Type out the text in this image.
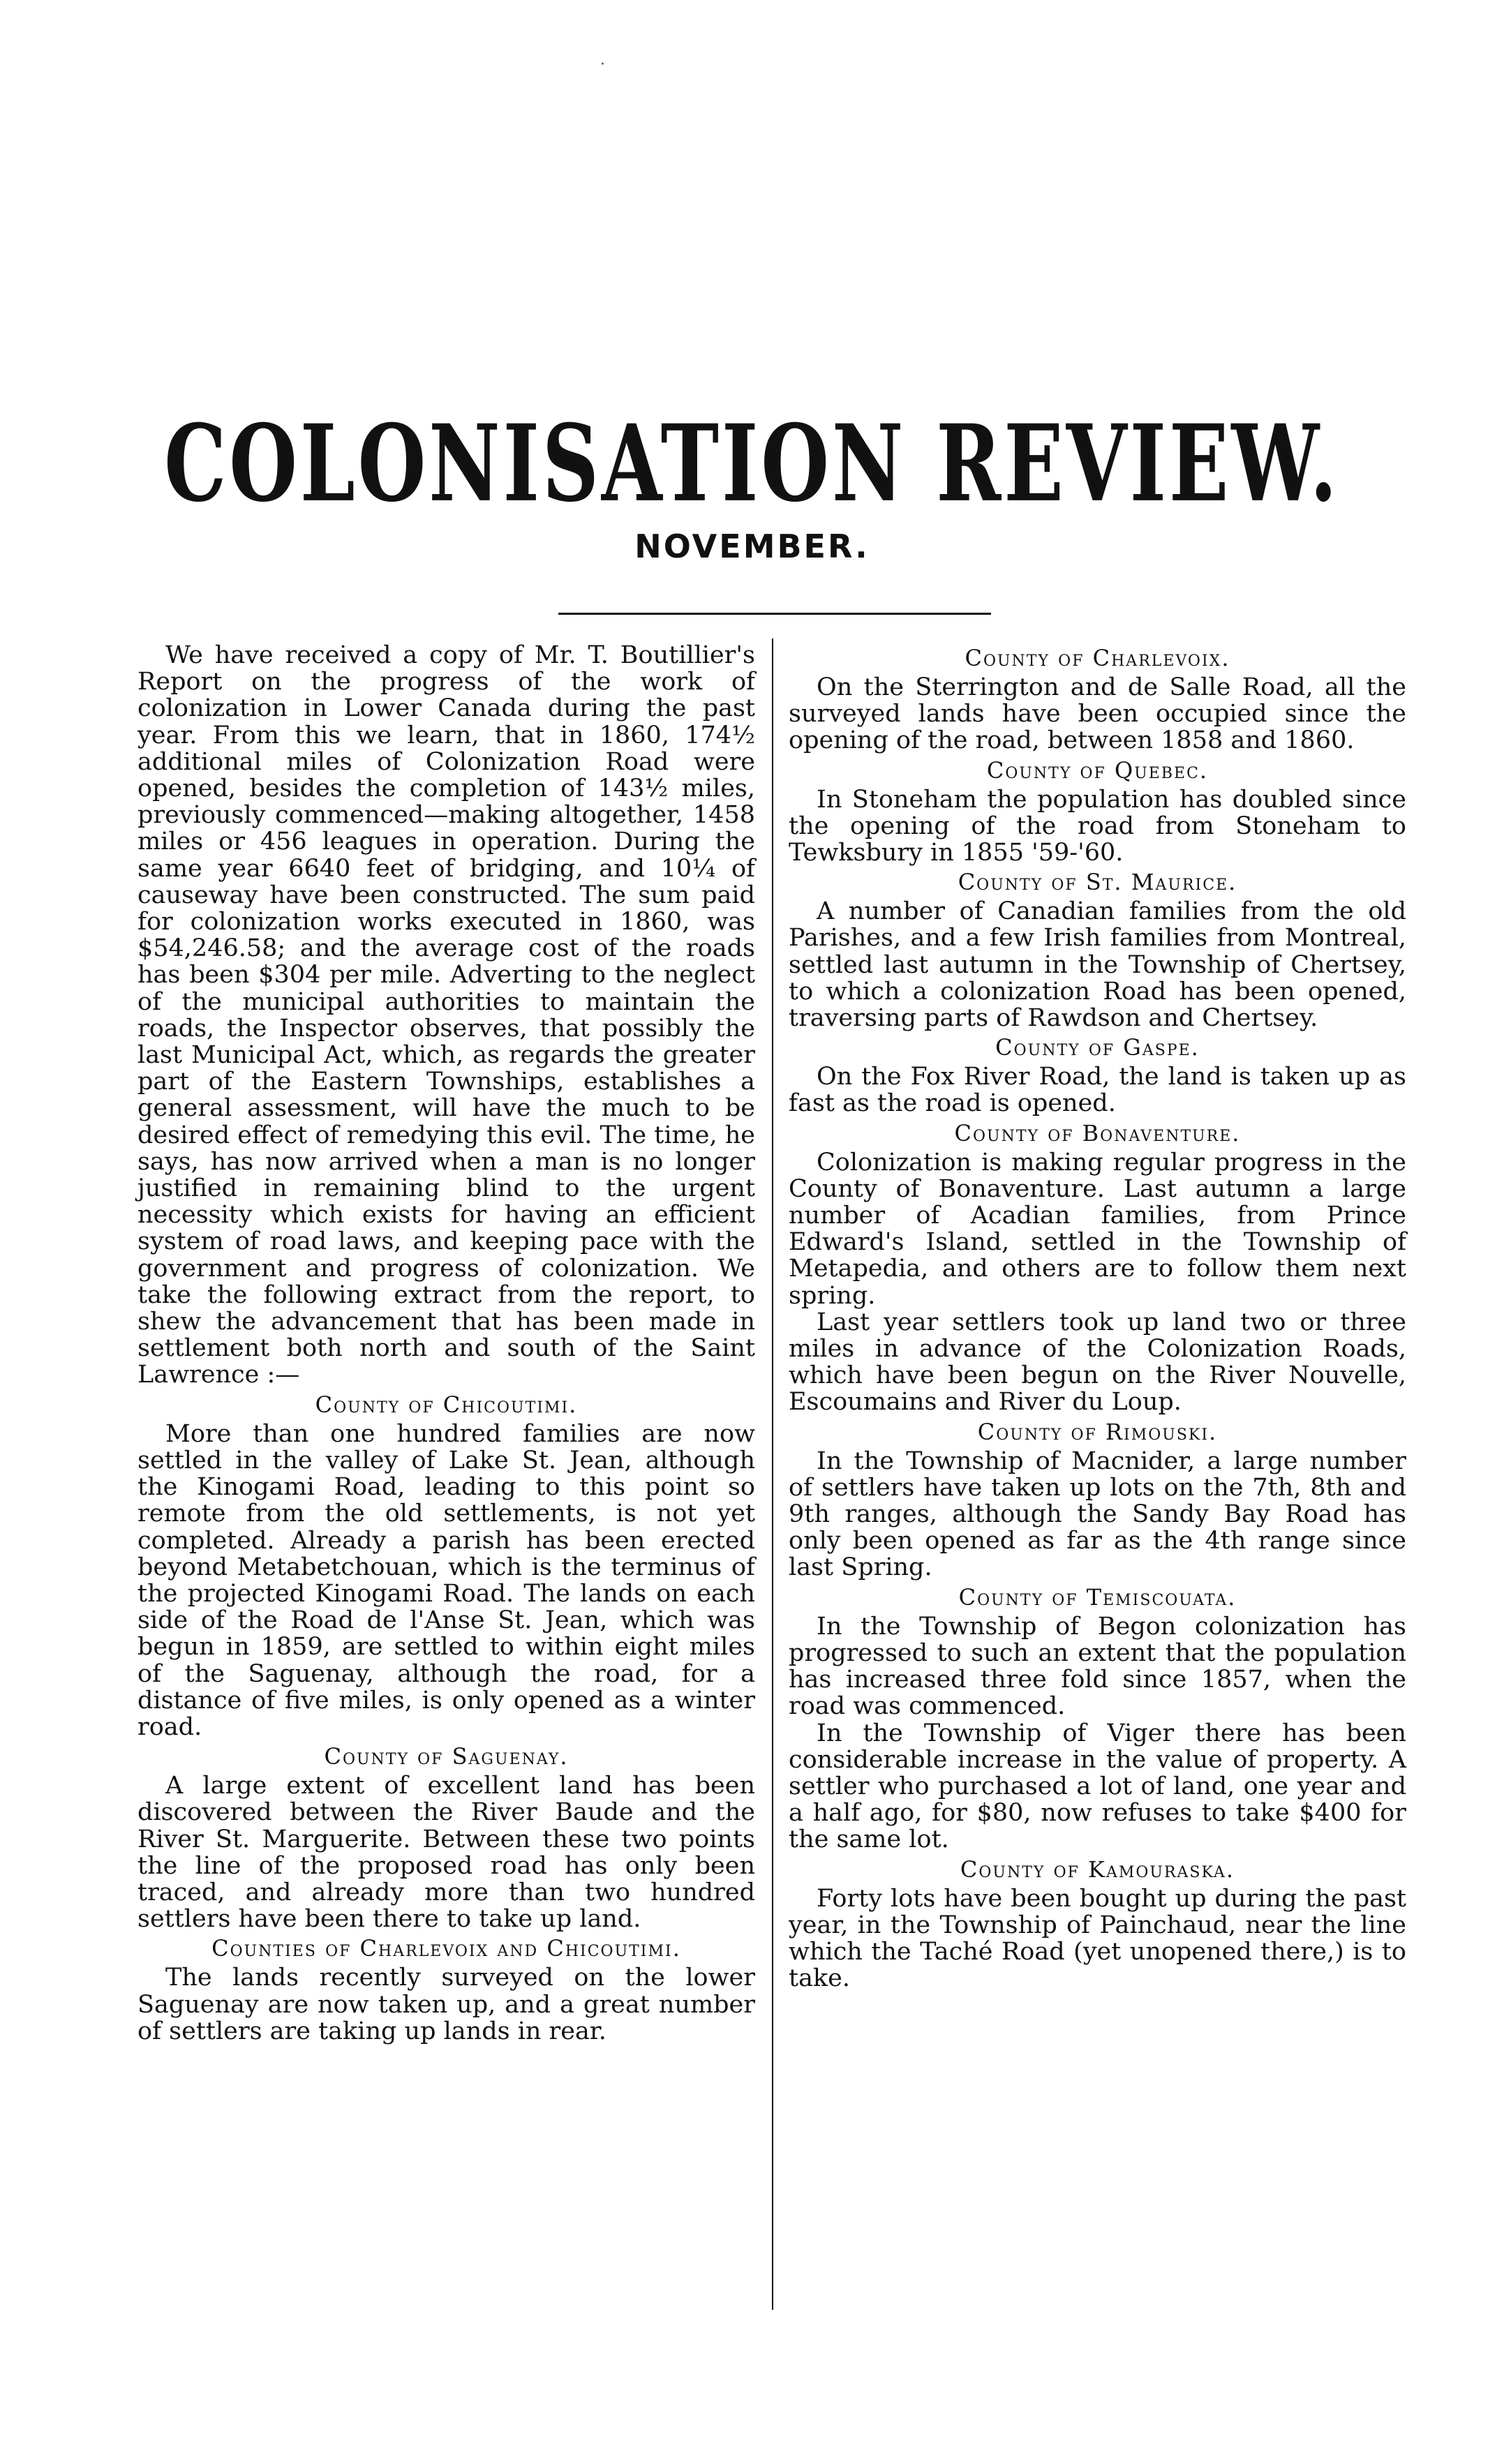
COLONISATION REVIEW.
NOVEMBER.

We have received a copy of Mr. T. Boutillier's Report on the progress of the work of colonization in Lower Canada during the past year. From this we learn, that in 1860, 174½ additional miles of Colonization Road were opened, besides the completion of 143½ miles, previously commenced—making altogether, 1458 miles or 456 leagues in operation. During the same year 6640 feet of bridging, and 10¼ of causeway have been constructed. The sum paid for colonization works executed in 1860, was $54,246.58; and the average cost of the roads has been $304 per mile. Adverting to the neglect of the municipal authorities to maintain the roads, the Inspector observes, that possibly the last Municipal Act, which, as regards the greater part of the Eastern Townships, establishes a general assessment, will have the much to be desired effect of remedying this evil. The time, he says, has now arrived when a man is no longer justified in remaining blind to the urgent necessity which exists for having an efficient system of road laws, and keeping pace with the government and progress of colonization. We take the following extract from the report, to shew the advancement that has been made in settlement both north and south of the Saint Lawrence :—

County of Chicoutimi.

More than one hundred families are now settled in the valley of Lake St. Jean, although the Kinogami Road, leading to this point so remote from the old settlements, is not yet completed. Already a parish has been erected beyond Metabetchouan, which is the terminus of the projected Kinogami Road. The lands on each side of the Road de l'Anse St. Jean, which was begun in 1859, are settled to within eight miles of the Saguenay, although the road, for a distance of five miles, is only opened as a winter road.

County of Saguenay.

A large extent of excellent land has been discovered between the River Baude and the River St. Marguerite. Between these two points the line of the proposed road has only been traced, and already more than two hundred settlers have been there to take up land.

Counties of Charlevoix and Chicoutimi.

The lands recently surveyed on the lower Saguenay are now taken up, and a great number of settlers are taking up lands in rear.

County of Charlevoix.

On the Sterrington and de Salle Road, all the surveyed lands have been occupied since the opening of the road, between 1858 and 1860.

County of Quebec.

In Stoneham the population has doubled since the opening of the road from Stoneham to Tewksbury in 1855 '59-'60.

County of St. Maurice.

A number of Canadian families from the old Parishes, and a few Irish families from Montreal, settled last autumn in the Township of Chertsey, to which a colonization Road has been opened, traversing parts of Rawdson and Chertsey.

County of Gaspe.

On the Fox River Road, the land is taken up as fast as the road is opened.

County of Bonaventure.

Colonization is making regular progress in the County of Bonaventure. Last autumn a large number of Acadian families, from Prince Edward's Island, settled in the Township of Metapedia, and others are to follow them next spring.

Last year settlers took up land two or three miles in advance of the Colonization Roads, which have been begun on the River Nouvelle, Escoumains and River du Loup.

County of Rimouski.

In the Township of Macnider, a large number of settlers have taken up lots on the 7th, 8th and 9th ranges, although the Sandy Bay Road has only been opened as far as the 4th range since last Spring.

County of Temiscouata.

In the Township of Begon colonization has progressed to such an extent that the population has increased three fold since 1857, when the road was commenced.

In the Township of Viger there has been considerable increase in the value of property. A settler who purchased a lot of land, one year and a half ago, for $80, now refuses to take $400 for the same lot.

County of Kamouraska.

Forty lots have been bought up during the past year, in the Township of Painchaud, near the line which the Taché Road (yet unopened there,) is to take.

·
